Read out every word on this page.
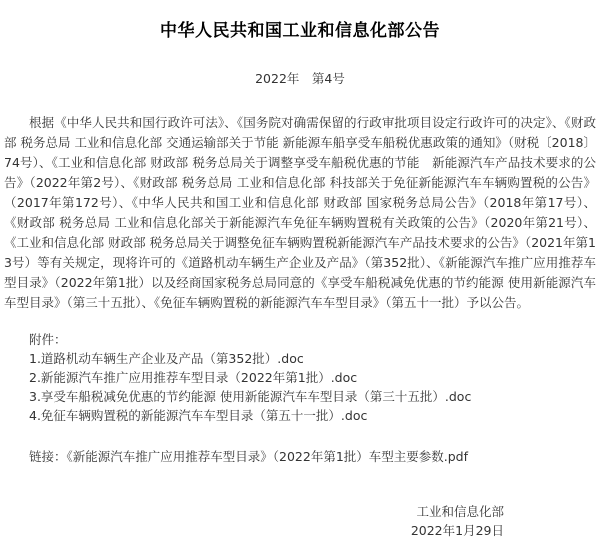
中华人民共和国工业和信息化部公告
2022年　第4号

根据《中华人民共和国行政许可法》、《国务院对确需保留的行政审批项目设定行政许可的决定》、《财政部 税务总局 工业和信息化部 交通运输部关于节能 新能源车船享受车船税优惠政策的通知》（财税〔2018〕74号）、《工业和信息化部 财政部 税务总局关于调整享受车船税优惠的节能　新能源汽车产品技术要求的公告》（2022年第2号）、《财政部 税务总局 工业和信息化部 科技部关于免征新能源汽车车辆购置税的公告》（2017年第172号）、《中华人民共和国工业和信息化部 财政部 国家税务总局公告》（2018年第17号）、《财政部 税务总局 工业和信息化部关于新能源汽车免征车辆购置税有关政策的公告》（2020年第21号）、《工业和信息化部 财政部 税务总局关于调整免征车辆购置税新能源汽车产品技术要求的公告》（2021年第13号）等有关规定，现将许可的《道路机动车辆生产企业及产品》（第352批）、《新能源汽车推广应用推荐车型目录》（2022年第1批）以及经商国家税务总局同意的《享受车船税减免优惠的节约能源 使用新能源汽车车型目录》（第三十五批）、《免征车辆购置税的新能源汽车车型目录》（第五十一批）予以公告。

附件：
1.道路机动车辆生产企业及产品（第352批）.doc
2.新能源汽车推广应用推荐车型目录（2022年第1批）.doc
3.享受车船税减免优惠的节约能源 使用新能源汽车车型目录（第三十五批）.doc
4.免征车辆购置税的新能源汽车车型目录（第五十一批）.doc
链接：《新能源汽车推广应用推荐车型目录》（2022年第1批）车型主要参数.pdf
工业和信息化部
2022年1月29日
